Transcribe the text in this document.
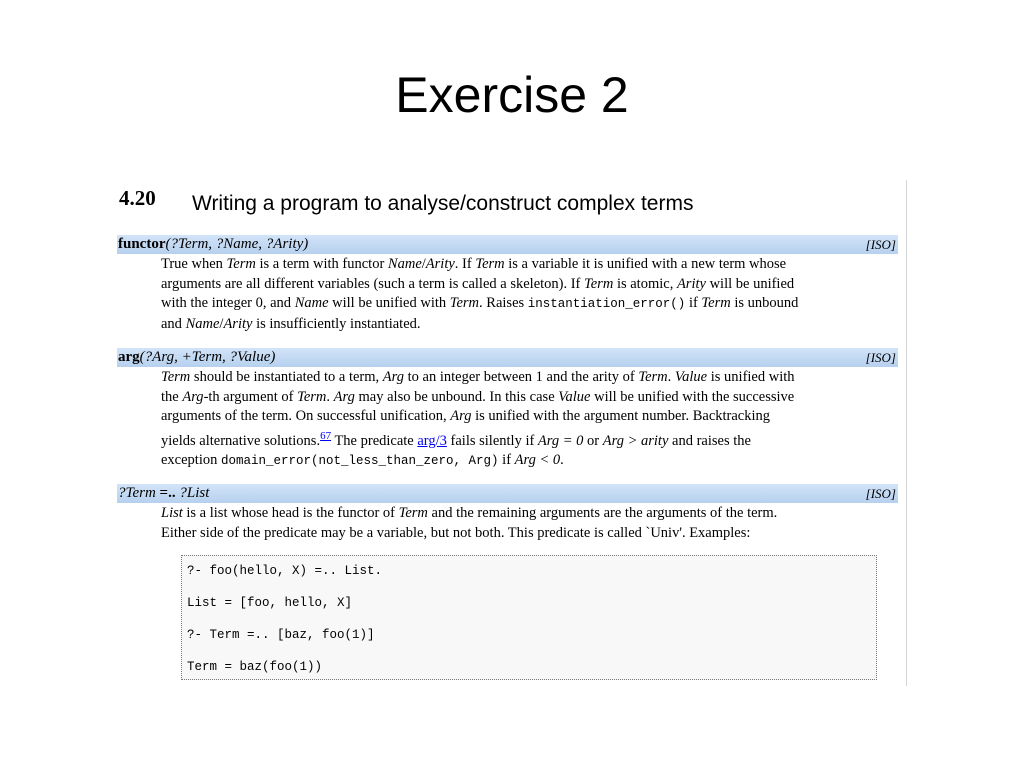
Exercise 2
4.20 Writing a program to analyse/construct complex terms
functor(?Term, ?Name, ?Arity)	[ISO]
True when Term is a term with functor Name/Arity. If Term is a variable it is unified with a new term whose
arguments are all different variables (such a term is called a skeleton). If Term is atomic, Arity will be unified
with the integer 0, and Name will be unified with Term. Raises instantiation_error() if Term is unbound
and Name/Arity is insufficiently instantiated.
arg(?Arg, +Term, ?Value)	[ISO]
Term should be instantiated to a term, Arg to an integer between 1 and the arity of Term. Value is unified with
the Arg-th argument of Term. Arg may also be unbound. In this case Value will be unified with the successive
arguments of the term. On successful unification, Arg is unified with the argument number. Backtracking
yields alternative solutions.$^{67}$ The predicate arg/3 fails silently if Arg = 0 or Arg > arity and raises the
exception domain_error(not_less_than_zero, Arg) if Arg < 0.
?Term =.. ?List	[ISO]
List is a list whose head is the functor of Term and the remaining arguments are the arguments of the term.
Either side of the predicate may be a variable, but not both. This predicate is called `Univ'. Examples:
?- foo(hello, X) =.. List.
List = [foo, hello, X]
?- Term =.. [baz, foo(1)]
Term = baz(foo(1))
